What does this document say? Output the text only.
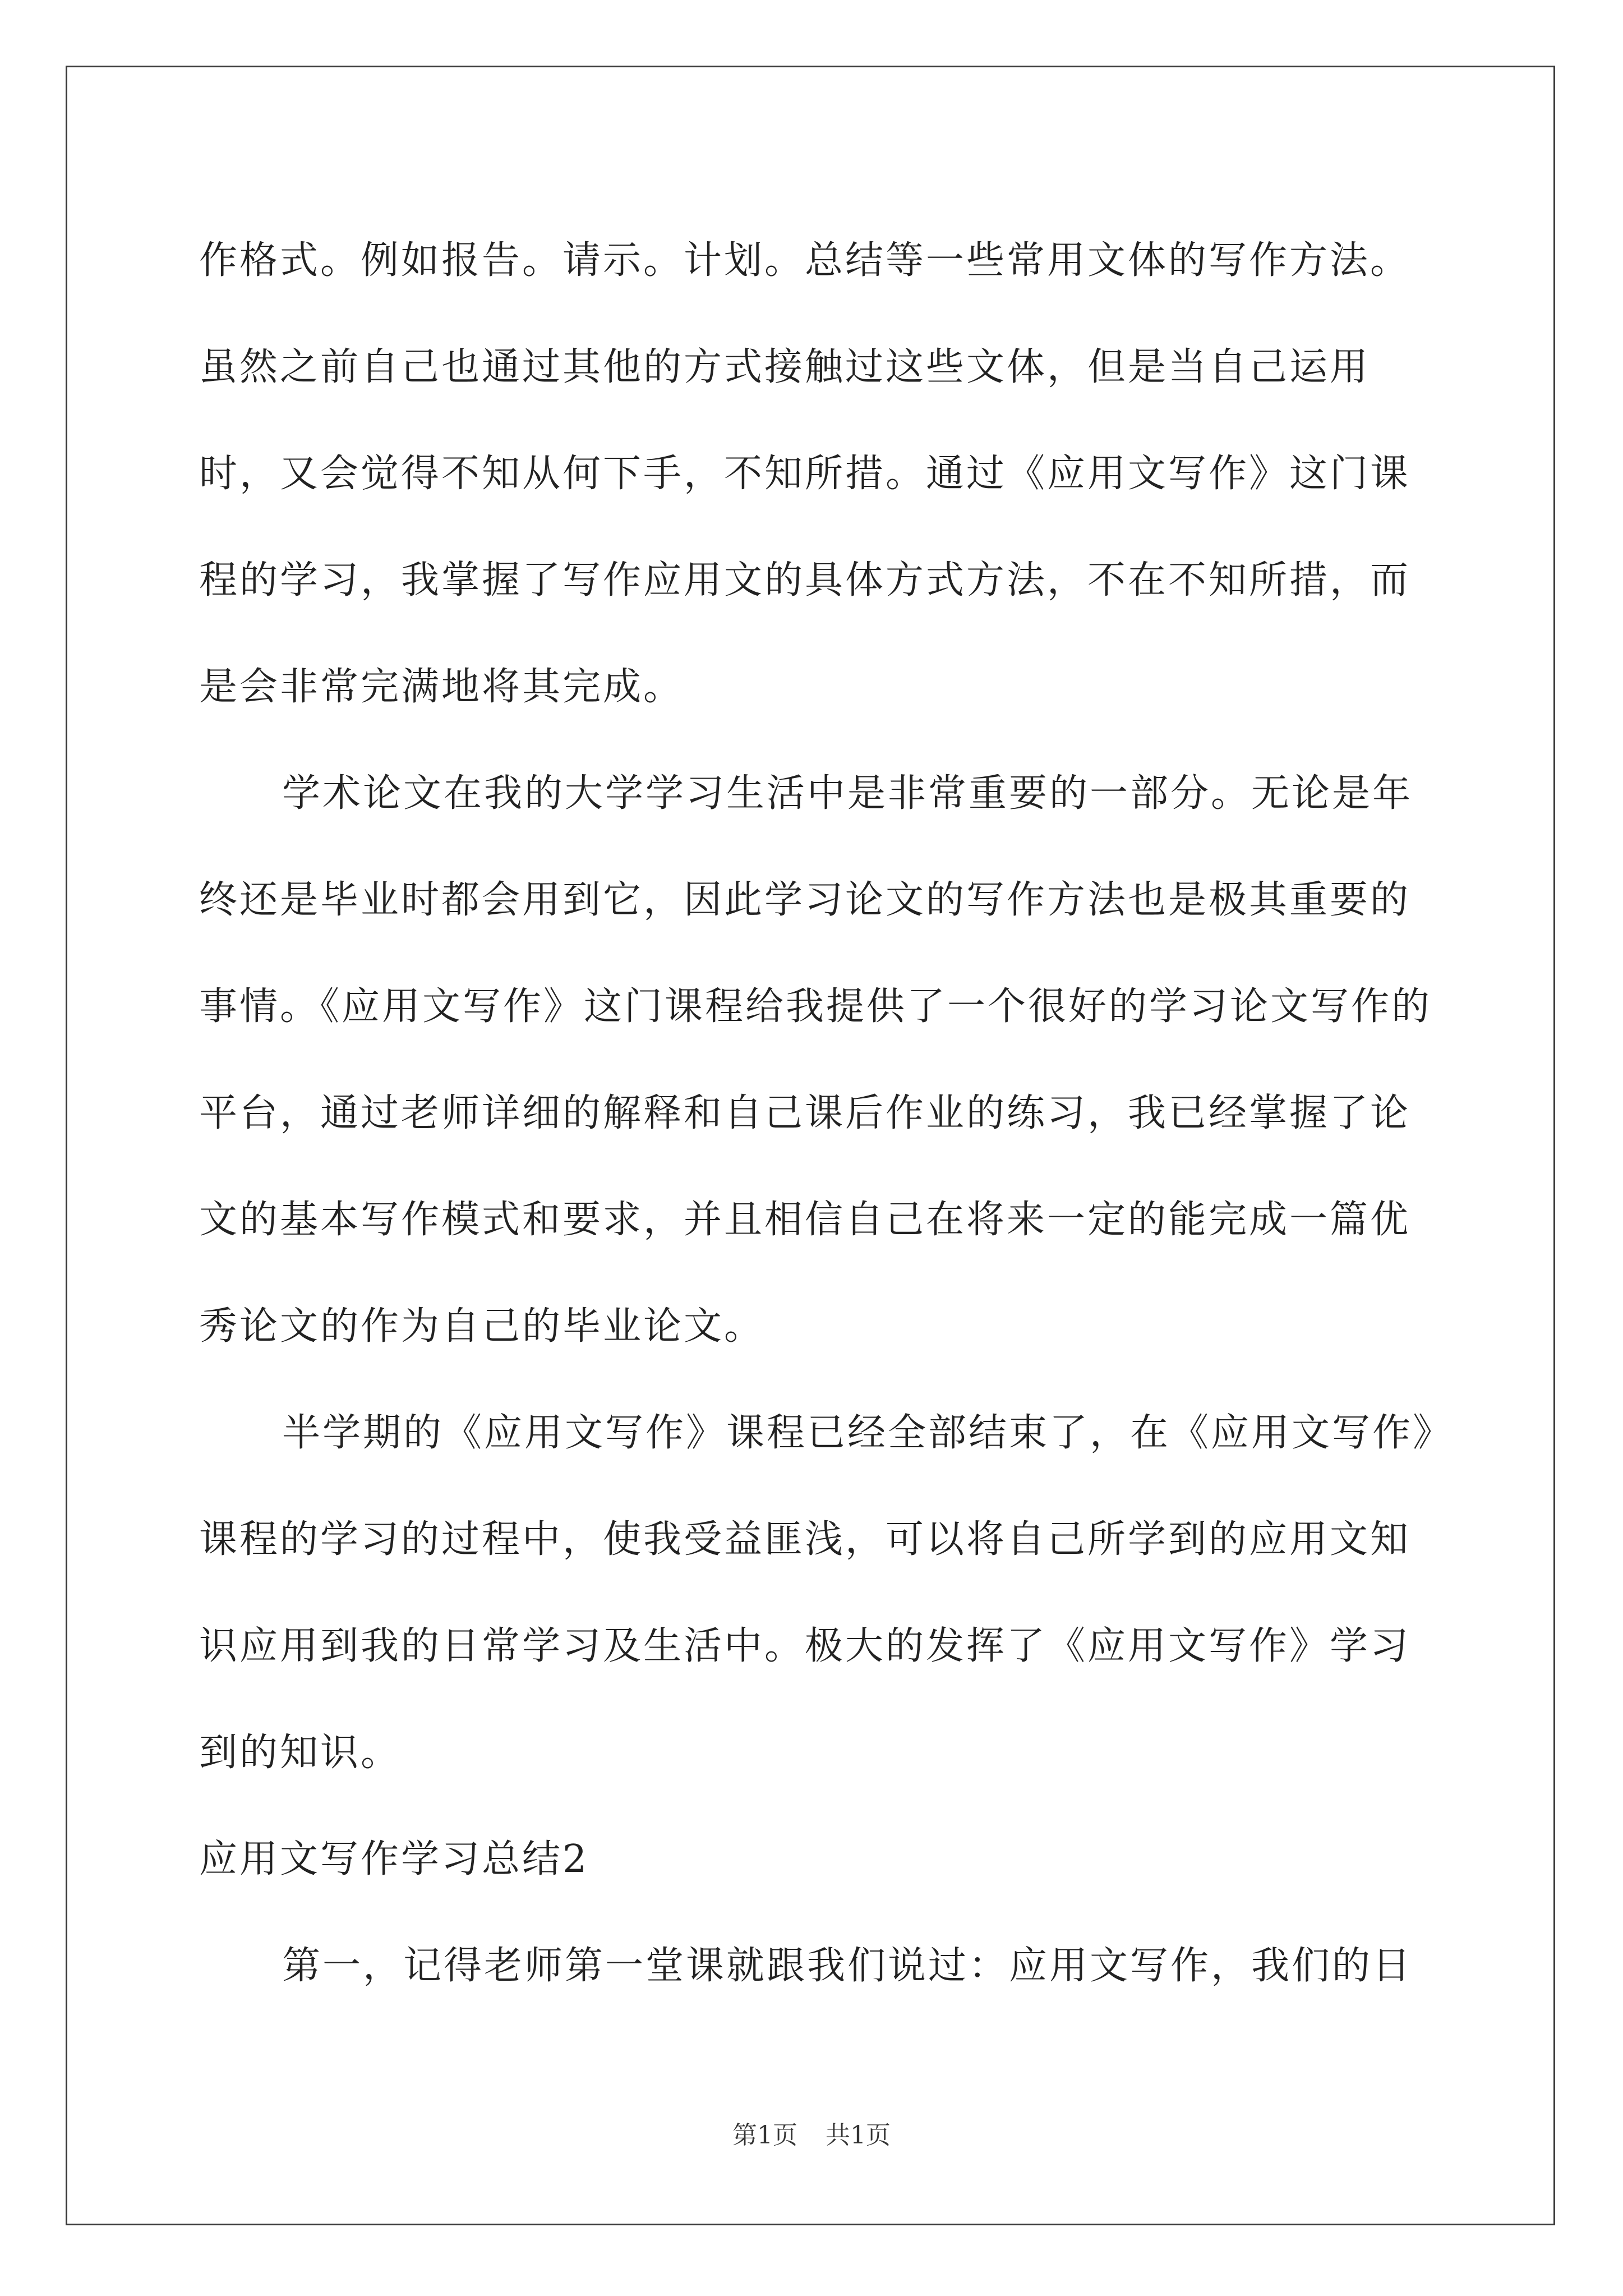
作格式。例如报告。请示。计划。总结等一些常用文体的写作方法。虽然之前自己也通过其他的方式接触过这些文体，但是当自己运用时，又会觉得不知从何下手，不知所措。通过《应用文写作》这门课程的学习，我掌握了写作应用文的具体方式方法，不在不知所措，而是会非常完满地将其完成。

学术论文在我的大学学习生活中是非常重要的一部分。无论是年终还是毕业时都会用到它，因此学习论文的写作方法也是极其重要的事情。《应用文写作》这门课程给我提供了一个很好的学习论文写作的平台，通过老师详细的解释和自己课后作业的练习，我已经掌握了论文的基本写作模式和要求，并且相信自己在将来一定的能完成一篇优秀论文的作为自己的毕业论文。

半学期的《应用文写作》课程已经全部结束了，在《应用文写作》课程的学习的过程中，使我受益匪浅，可以将自己所学到的应用文知识应用到我的日常学习及生活中。极大的发挥了《应用文写作》学习到的知识。

应用文写作学习总结2

第一，记得老师第一堂课就跟我们说过：应用文写作，我们的日

第1页 共1页
